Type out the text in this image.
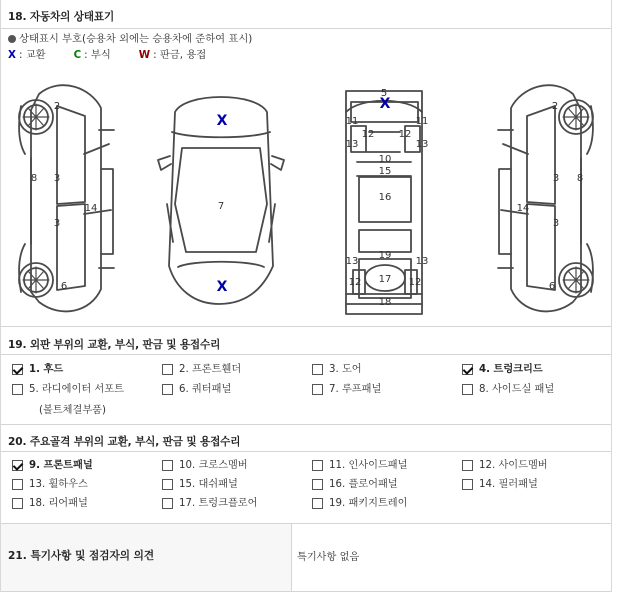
18. 자동차의 상태표기
상태표시 부호(승용차 외에는 승용차에 준하여 표시)
X : 교환	C : 부식	W : 판금, 용접
2
3
3
8
14
6
7
5
11
12 12
11
13	13
10
15
16
19
13	13
12 17 12
18
2
3
3
8
14
6
X
X
X
19. 외판 부위의 교환, 부식, 판금 및 용접수리
1. 후드	2. 프론트휀더	3. 도어	4. 트렁크리드
5. 라디에이터 서포트	6. 쿼터패널	7. 루프패널	8. 사이드실 패널
(볼트체결부품)
20. 주요골격 부위의 교환, 부식, 판금 및 용접수리
9. 프론트패널	10. 크로스멤버	11. 인사이드패널	12. 사이드멤버
13. 휠하우스	15. 대쉬패널	16. 플로어패널	14. 필러패널
18. 리어패널	17. 트렁크플로어	19. 패키지트레이
21. 특기사항 및 점검자의 의견	특기사항 없음
